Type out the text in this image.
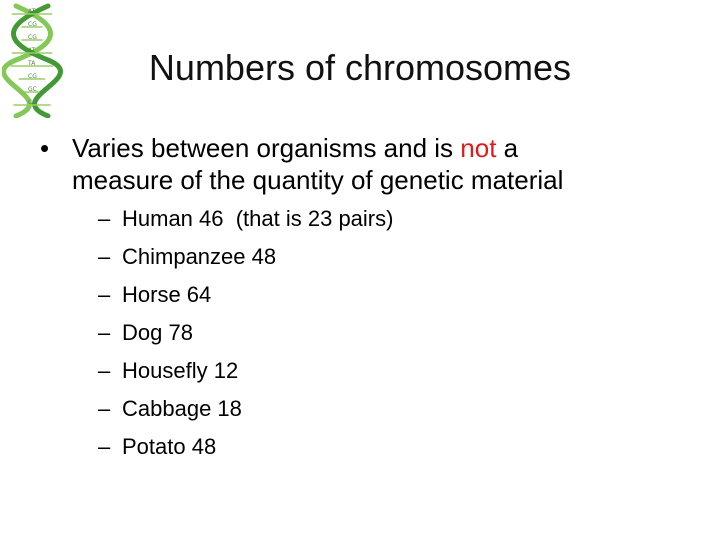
AT
CG
CG
AT
TA
CG
GC
CG
Numbers of chromosomes
• Varies between organisms and is not a
measure of the quantity of genetic material
– Human 46  (that is 23 pairs)
– Chimpanzee 48
– Horse 64
– Dog 78
– Housefly 12
– Cabbage 18
– Potato 48
